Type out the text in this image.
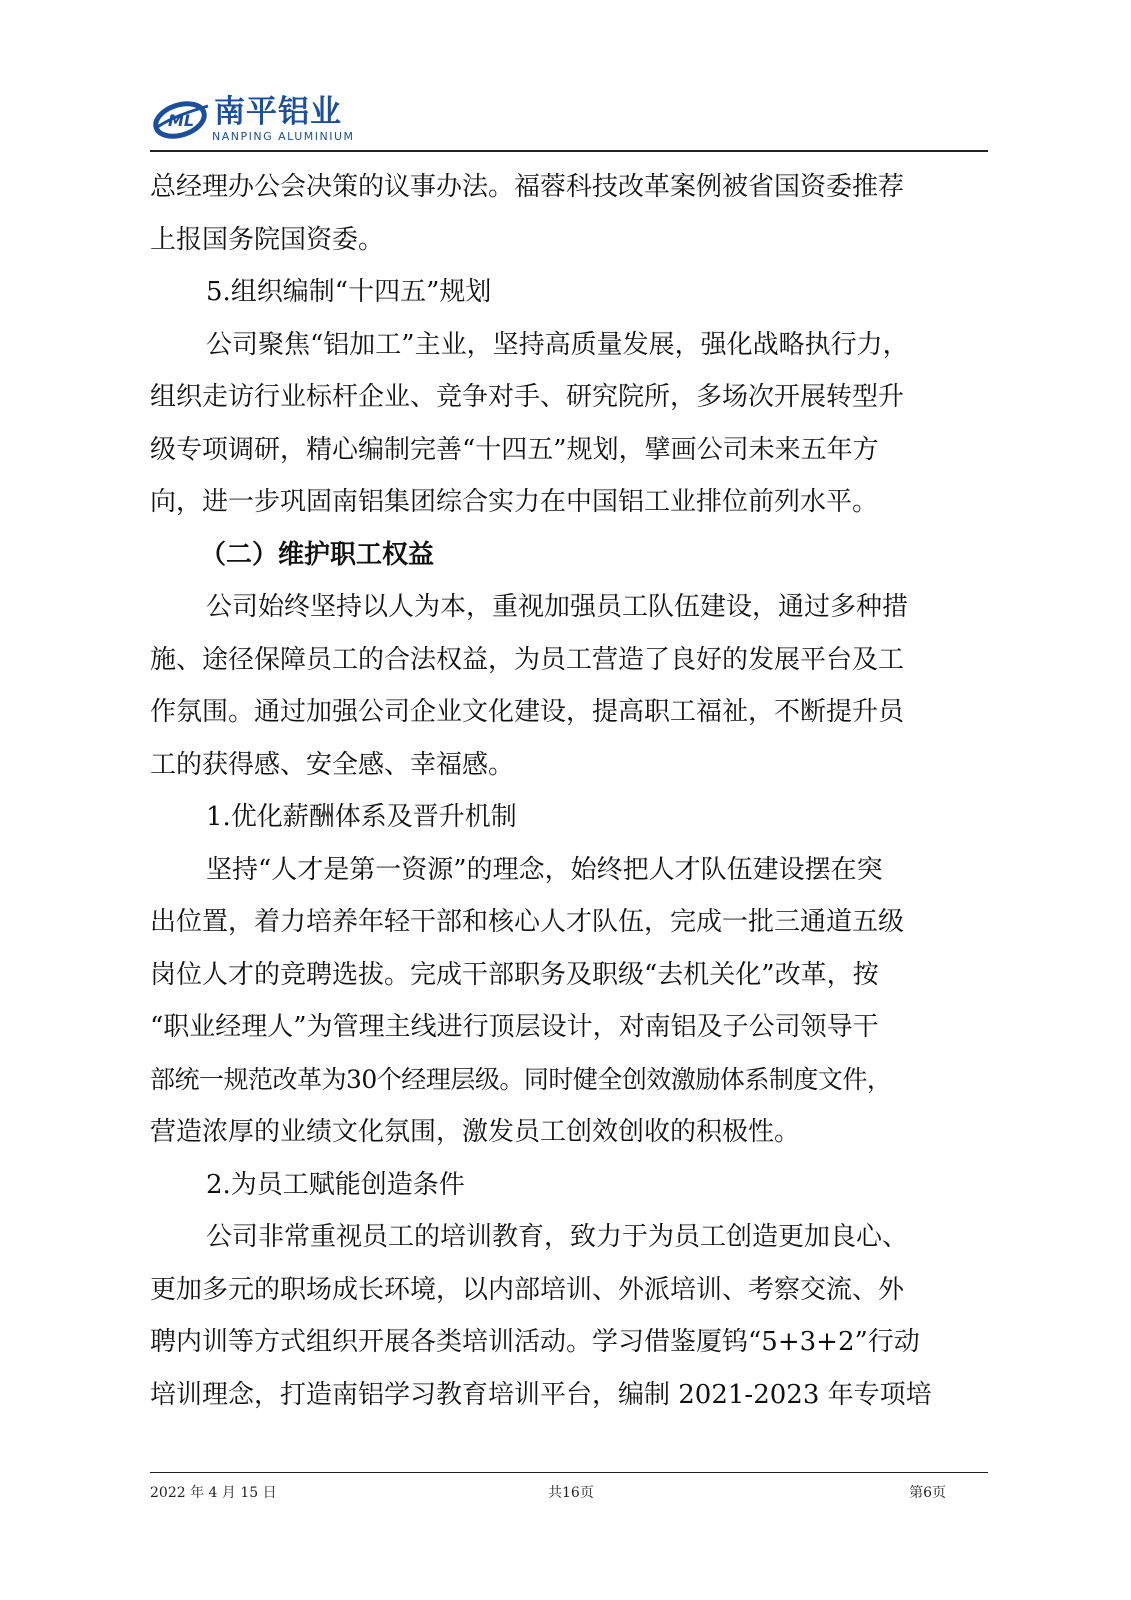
ML 南平铝业
NANPING ALUMINIUM
总经理办公会决策的议事办法。福蓉科技改革案例被省国资委推荐
上报国务院国资委。
5.组织编制“十四五”规划
公司聚焦“铝加工”主业，坚持高质量发展，强化战略执行力，
组织走访行业标杆企业、竞争对手、研究院所，多场次开展转型升
级专项调研，精心编制完善“十四五”规划，擘画公司未来五年方
向，进一步巩固南铝集团综合实力在中国铝工业排位前列水平。
（二）维护职工权益
公司始终坚持以人为本，重视加强员工队伍建设，通过多种措
施、途径保障员工的合法权益，为员工营造了良好的发展平台及工
作氛围。通过加强公司企业文化建设，提高职工福祉，不断提升员
工的获得感、安全感、幸福感。
1.优化薪酬体系及晋升机制
坚持“人才是第一资源”的理念，始终把人才队伍建设摆在突
出位置，着力培养年轻干部和核心人才队伍，完成一批三通道五级
岗位人才的竞聘选拔。完成干部职务及职级“去机关化”改革，按
“职业经理人”为管理主线进行顶层设计，对南铝及子公司领导干
部统一规范改革为30个经理层级。同时健全创效激励体系制度文件，
营造浓厚的业绩文化氛围，激发员工创效创收的积极性。
2.为员工赋能创造条件
公司非常重视员工的培训教育，致力于为员工创造更加良心、
更加多元的职场成长环境，以内部培训、外派培训、考察交流、外
聘内训等方式组织开展各类培训活动。学习借鉴厦钨“5+3+2”行动
培训理念，打造南铝学习教育培训平台，编制 2021-2023 年专项培
2022 年 4 月 15 日	共16页	第6页
